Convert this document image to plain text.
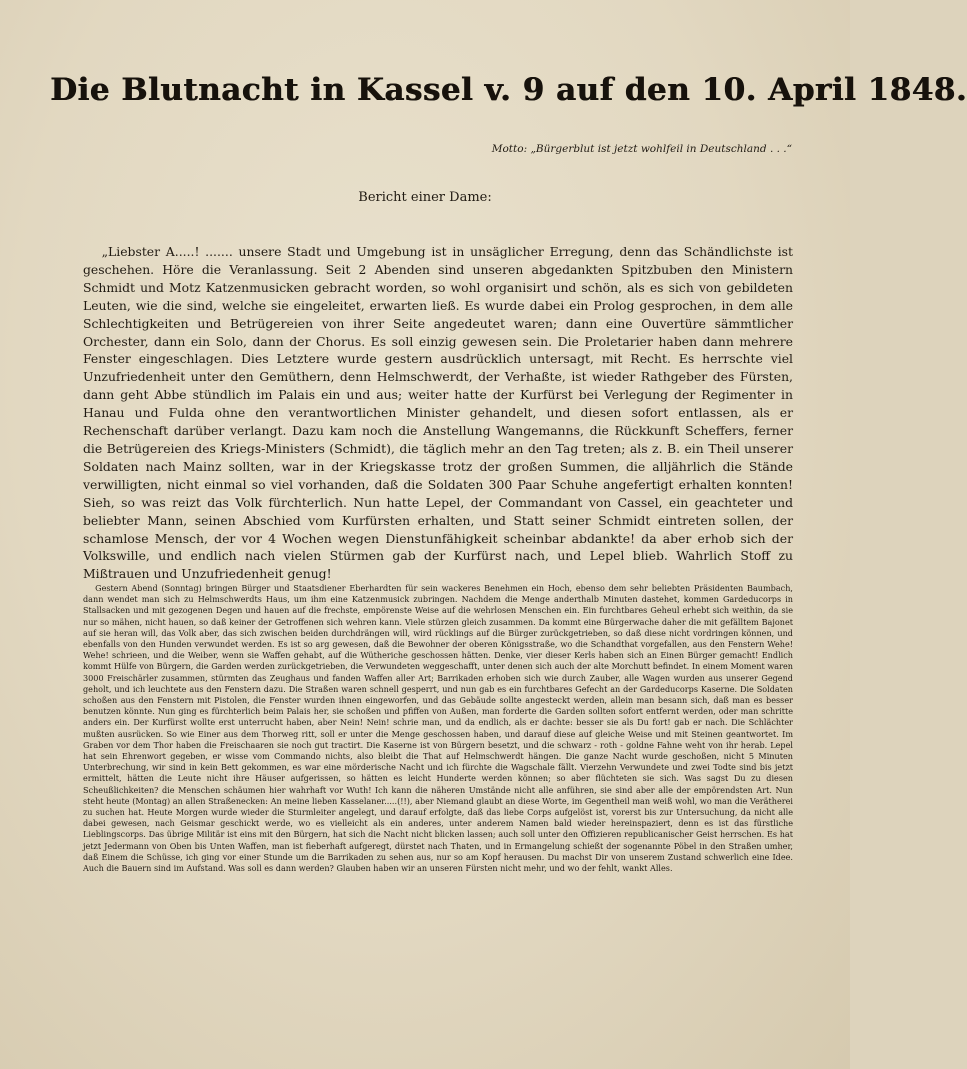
Die Blutnacht in Kassel v. 9 auf den 10. April 1848.
Motto: „Bürgerblut ist jetzt wohlfeil in Deutschland . . .“
Bericht einer Dame:

„Liebster A.....! ....... unsere Stadt und Umgebung ist in unsäglicher Erregung, denn das Schändlichste ist geschehen. Höre die Veranlassung. Seit 2 Abenden sind unseren abgedankten Spitzbuben den Ministern Schmidt und Motz Katzenmusicken gebracht worden, so wohl organisirt und schön, als es sich von gebildeten Leuten, wie die sind, welche sie eingeleitet, erwarten ließ. Es wurde dabei ein Prolog gesprochen, in dem alle Schlechtigkeiten und Betrügereien von ihrer Seite angedeutet waren; dann eine Ouvertüre sämmtlicher Orchester, dann ein Solo, dann der Chorus. Es soll einzig gewesen sein. Die Proletarier haben dann mehrere Fenster eingeschlagen. Dies Letztere wurde gestern ausdrücklich untersagt, mit Recht. Es herrschte viel Unzufriedenheit unter den Gemüthern, denn Helmschwerdt, der Verhaßte, ist wieder Rathgeber des Fürsten, dann geht Abbe stündlich im Palais ein und aus; weiter hatte der Kurfürst bei Verlegung der Regimenter in Hanau und Fulda ohne den verantwortlichen Minister gehandelt, und diesen sofort entlassen, als er Rechenschaft darüber verlangt. Dazu kam noch die Anstellung Wangemanns, die Rückkunft Scheffers, ferner die Betrügereien des Kriegs-Ministers (Schmidt), die täglich mehr an den Tag treten; als z. B. ein Theil unserer Soldaten nach Mainz sollten, war in der Kriegskasse trotz der großen Summen, die alljährlich die Stände verwilligten, nicht einmal so viel vorhanden, daß die Soldaten 300 Paar Schuhe angefertigt erhalten konnten! Sieh, so was reizt das Volk fürchterlich. Nun hatte Lepel, der Commandant von Cassel, ein geachteter und beliebter Mann, seinen Abschied vom Kurfürsten erhalten, und Statt seiner Schmidt eintreten sollen, der schamlose Mensch, der vor 4 Wochen wegen Dienstunfähigkeit scheinbar abdankte! da aber erhob sich der Volkswille, und endlich nach vielen Stürmen gab der Kurfürst nach, und Lepel blieb. Wahrlich Stoff zu Mißtrauen und Unzufriedenheit genug!

Gestern Abend (Sonntag) bringen Bürger und Staatsdiener Eberhardten für sein wackeres Benehmen ein Hoch, ebenso dem sehr beliebten Präsidenten Baumbach, dann wendet man sich zu Helmschwerdts Haus, um ihm eine Katzenmusick zubringen. Nachdem die Menge anderthalb Minuten dastehet, kommen Gardeducorps in Stallsacken und mit gezogenen Degen und hauen auf die frechste, empörenste Weise auf die wehrlosen Menschen ein. Ein furchtbares Geheul erhebt sich weithin, da sie nur so mähen, nicht hauen, so daß keiner der Getroffenen sich wehren kann. Viele stürzen gleich zusammen. Da kommt eine Bürgerwache daher die mit gefälltem Bajonet auf sie heran will, das Volk aber, das sich zwischen beiden durchdrängen will, wird rücklings auf die Bürger zurückgetrieben, so daß diese nicht vordringen können, und ebenfalls von den Hunden verwundet werden. Es ist so arg gewesen, daß die Bewohner der oberen Königsstraße, wo die Schandthat vorgefallen, aus den Fenstern Wehe! Wehe! schrieen, und die Weiber, wenn sie Waffen gehabt, auf die Wütheriche geschossen hätten. Denke, vier dieser Kerls haben sich an Einen Bürger gemacht! Endlich kommt Hülfe von Bürgern, die Garden werden zurückgetrieben, die Verwundeten weggeschafft, unter denen sich auch der alte Morchutt befindet. In einem Moment waren 3000 Freischärler zusammen, stürmten das Zeughaus und fanden Waffen aller Art; Barrikaden erhoben sich wie durch Zauber, alle Wagen wurden aus unserer Gegend geholt, und ich leuchtete aus den Fenstern dazu. Die Straßen waren schnell gesperrt, und nun gab es ein furchtbares Gefecht an der Gardeducorps Kaserne. Die Soldaten schoßen aus den Fenstern mit Pistolen, die Fenster wurden ihnen eingeworfen, und das Gebäude sollte angesteckt werden, allein man besann sich, daß man es besser benutzen könnte. Nun ging es fürchterlich beim Palais her, sie schoßen und pfiffen von Außen, man forderte die Garden sollten sofort entfernt werden, oder man schritte anders ein. Der Kurfürst wollte erst unterrucht haben, aber Nein! Nein! schrie man, und da endlich, als er dachte: besser sie als Du fort! gab er nach. Die Schlächter mußten ausrücken. So wie Einer aus dem Thorweg ritt, soll er unter die Menge geschossen haben, und darauf diese auf gleiche Weise und mit Steinen geantwortet. Im Graben vor dem Thor haben die Freischaaren sie noch gut tractirt. Die Kaserne ist von Bürgern besetzt, und die schwarz - roth - goldne Fahne weht von ihr herab. Lepel hat sein Ehrenwort gegeben, er wisse vom Commando nichts, also bleibt die That auf Helmschwerdt hängen. Die ganze Nacht wurde geschoßen, nicht 5 Minuten Unterbrechung, wir sind in kein Bett gekommen, es war eine mörderische Nacht und ich fürchte die Wagschale fällt. Vierzehn Verwundete und zwei Todte sind bis jetzt ermittelt, hätten die Leute nicht ihre Häuser aufgerissen, so hätten es leicht Hunderte werden können; so aber flüchteten sie sich. Was sagst Du zu diesen Scheußlichkeiten? die Menschen schäumen hier wahrhaft vor Wuth! Ich kann die näheren Umstände nicht alle anführen, sie sind aber alle der empörendsten Art. Nun steht heute (Montag) an allen Straßenecken: An meine lieben Kasselaner.....(!!), aber Niemand glaubt an diese Worte, im Gegentheil man weiß wohl, wo man die Verätherei zu suchen hat. Heute Morgen wurde wieder die Sturmleiter angelegt, und darauf erfolgte, daß das liebe Corps aufgelöst ist, vorerst bis zur Untersuchung, da nicht alle dabei gewesen, nach Geismar geschickt werde, wo es vielleicht als ein anderes, unter anderem Namen bald wieder hereinspaziert, denn es ist das fürstliche Lieblingscorps. Das übrige Militär ist eins mit den Bürgern, hat sich die Nacht nicht blicken lassen; auch soll unter den Offizieren republicanischer Geist herrschen. Es hat jetzt Jedermann von Oben bis Unten Waffen, man ist fieberhaft aufgeregt, dürstet nach Thaten, und in Ermangelung schießt der sogenannte Pöbel in den Straßen umher, daß Einem die Schüsse, ich ging vor einer Stunde um die Barrikaden zu sehen aus, nur so am Kopf herausen. Du machst Dir von unserem Zustand schwerlich eine Idee. Auch die Bauern sind im Aufstand. Was soll es dann werden? Glauben haben wir an unseren Fürsten nicht mehr, und wo der fehlt, wankt Alles.
